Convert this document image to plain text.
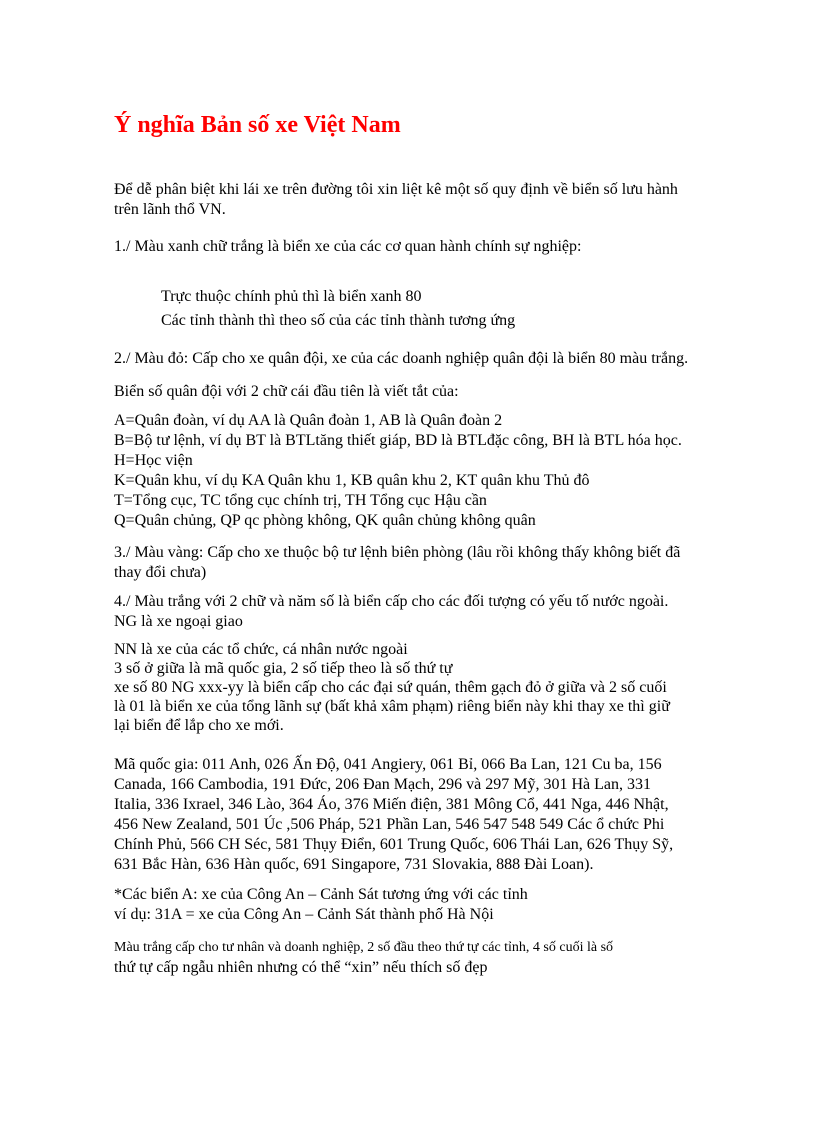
Ý nghĩa Bản số xe Việt Nam

Để dễ phân biệt khi lái xe trên đường tôi xin liệt kê một số quy định về biển số lưu hành

trên lãnh thổ VN.

1./ Màu xanh chữ trắng là biển xe của các cơ quan hành chính sự nghiệp:

Trực thuộc chính phủ thì là biển xanh 80

Các tỉnh thành thì theo số của các tỉnh thành tương ứng

2./ Màu đỏ: Cấp cho xe quân đội, xe của các doanh nghiệp quân đội là biển 80 màu trắng.

Biển số quân đội với 2 chữ cái đầu tiên là viết tắt của:

A=Quân đoàn, ví dụ AA là Quân đoàn 1, AB là Quân đoàn 2

B=Bộ tư lệnh, ví dụ BT là BTLtăng thiết giáp, BD là BTLđặc công, BH là BTL hóa học.

H=Học viện

K=Quân khu, ví dụ KA Quân khu 1, KB quân khu 2, KT quân khu Thủ đô

T=Tổng cục, TC tổng cục chính trị, TH Tổng cục Hậu cần

Q=Quân chủng, QP qc phòng không, QK quân chủng không quân

3./ Màu vàng: Cấp cho xe thuộc bộ tư lệnh biên phòng (lâu rồi không thấy không biết đã

thay đổi chưa)

4./ Màu trắng với 2 chữ và năm số là biển cấp cho các đối tượng có yếu tố nước ngoài.

NG là xe ngoại giao

NN là xe của các tổ chức, cá nhân nước ngoài

3 số ở giữa là mã quốc gia, 2 số tiếp theo là số thứ tự

xe số 80 NG xxx-yy là biển cấp cho các đại sứ quán, thêm gạch đỏ ở giữa và 2 số cuối

là 01 là biển xe của tổng lãnh sự (bất khả xâm phạm) riêng biển này khi thay xe thì giữ

lại biển để lắp cho xe mới.

Mã quốc gia: 011 Anh, 026 Ấn Độ, 041 Angiery, 061 Bỉ, 066 Ba Lan, 121 Cu ba, 156

Canada, 166 Cambodia, 191 Đức, 206 Đan Mạch, 296 và 297 Mỹ, 301 Hà Lan, 331

Italia, 336 Ixrael, 346 Lào, 364 Áo, 376 Miến điện, 381 Mông Cổ, 441 Nga, 446 Nhật,

456 New Zealand, 501 Úc ,506 Pháp, 521 Phần Lan, 546 547 548 549 Các ổ chức Phi

Chính Phủ, 566 CH Séc, 581 Thụy Điển, 601 Trung Quốc, 606 Thái Lan, 626 Thụy Sỹ,

631 Bắc Hàn, 636 Hàn quốc, 691 Singapore, 731 Slovakia, 888 Đài Loan).

*Các biển A: xe của Công An – Cảnh Sát tương ứng với các tỉnh

ví dụ: 31A = xe của Công An – Cảnh Sát thành phố Hà Nội

Màu trắng cấp cho tư nhân và doanh nghiệp, 2 số đầu theo thứ tự các tỉnh, 4 số cuối là số

thứ tự cấp ngẫu nhiên nhưng có thể “xin” nếu thích số đẹp
